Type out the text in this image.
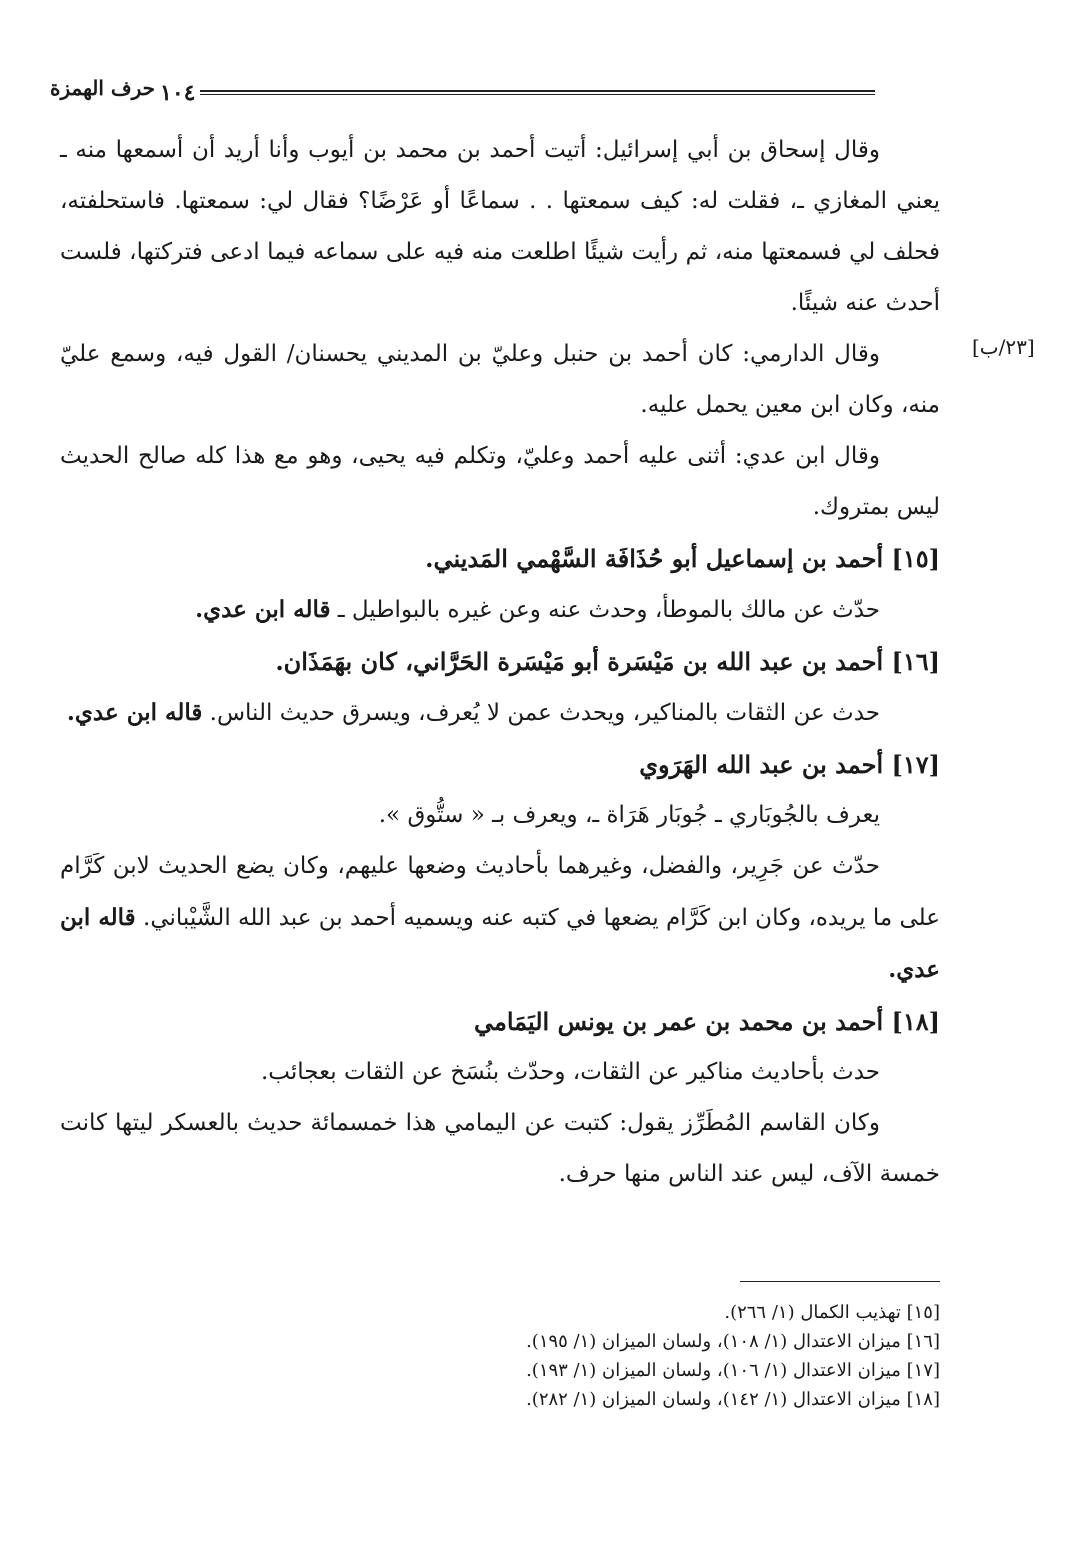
١٠٤
حرف الهمزة
[٢٣/ب]

وقال إسحاق بن أبي إسرائيل: أتيت أحمد بن محمد بن أيوب وأنا أريد أن أسمعها منه ـ يعني المغازي ـ، فقلت له: كيف سمعتها . . سماعًا أو عَرْضًا؟ فقال لي: سمعتها. فاستحلفته، فحلف لي فسمعتها منه، ثم رأيت شيئًا اطلعت منه فيه على سماعه فيما ادعى فتركتها، فلست أحدث عنه شيئًا.

وقال الدارمي: كان أحمد بن حنبل وعليّ بن المديني يحسنان/ القول فيه، وسمع عليّ منه، وكان ابن معين يحمل عليه.

وقال ابن عدي: أثنى عليه أحمد وعليّ، وتكلم فيه يحيى، وهو مع هذا كله صالح الحديث ليس بمتروك.

[١٥] أحمد بن إسماعيل أبو حُذَافَة السَّهْمي المَديني.

حدّث عن مالك بالموطأ، وحدث عنه وعن غيره بالبواطيل ـ قاله ابن عدي.

[١٦] أحمد بن عبد الله بن مَيْسَرة أبو مَيْسَرة الحَرَّاني، كان بهَمَذَان.

حدث عن الثقات بالمناكير، ويحدث عمن لا يُعرف، ويسرق حديث الناس. قاله ابن عدي.

[١٧] أحمد بن عبد الله الهَرَوي

يعرف بالجُوبَاري ـ جُوبَار هَرَاة ـ، ويعرف بـ « ستُّوق ».

حدّث عن جَرِير، والفضل، وغيرهما بأحاديث وضعها عليهم، وكان يضع الحديث لابن كَرَّام على ما يريده، وكان ابن كَرَّام يضعها في كتبه عنه ويسميه أحمد بن عبد الله الشَّيْباني. قاله ابن عدي.

[١٨] أحمد بن محمد بن عمر بن يونس اليَمَامي

حدث بأحاديث مناكير عن الثقات، وحدّث بنُسَخ عن الثقات بعجائب.

وكان القاسم المُطَرِّز يقول: كتبت عن اليمامي هذا خمسمائة حديث بالعسكر ليتها كانت خمسة الآف، ليس عند الناس منها حرف.

[١٥] تهذيب الكمال (١/ ٢٦٦).

[١٦] ميزان الاعتدال (١/ ١٠٨)، ولسان الميزان (١/ ١٩٥).

[١٧] ميزان الاعتدال (١/ ١٠٦)، ولسان الميزان (١/ ١٩٣).

[١٨] ميزان الاعتدال (١/ ١٤٢)، ولسان الميزان (١/ ٢٨٢).
